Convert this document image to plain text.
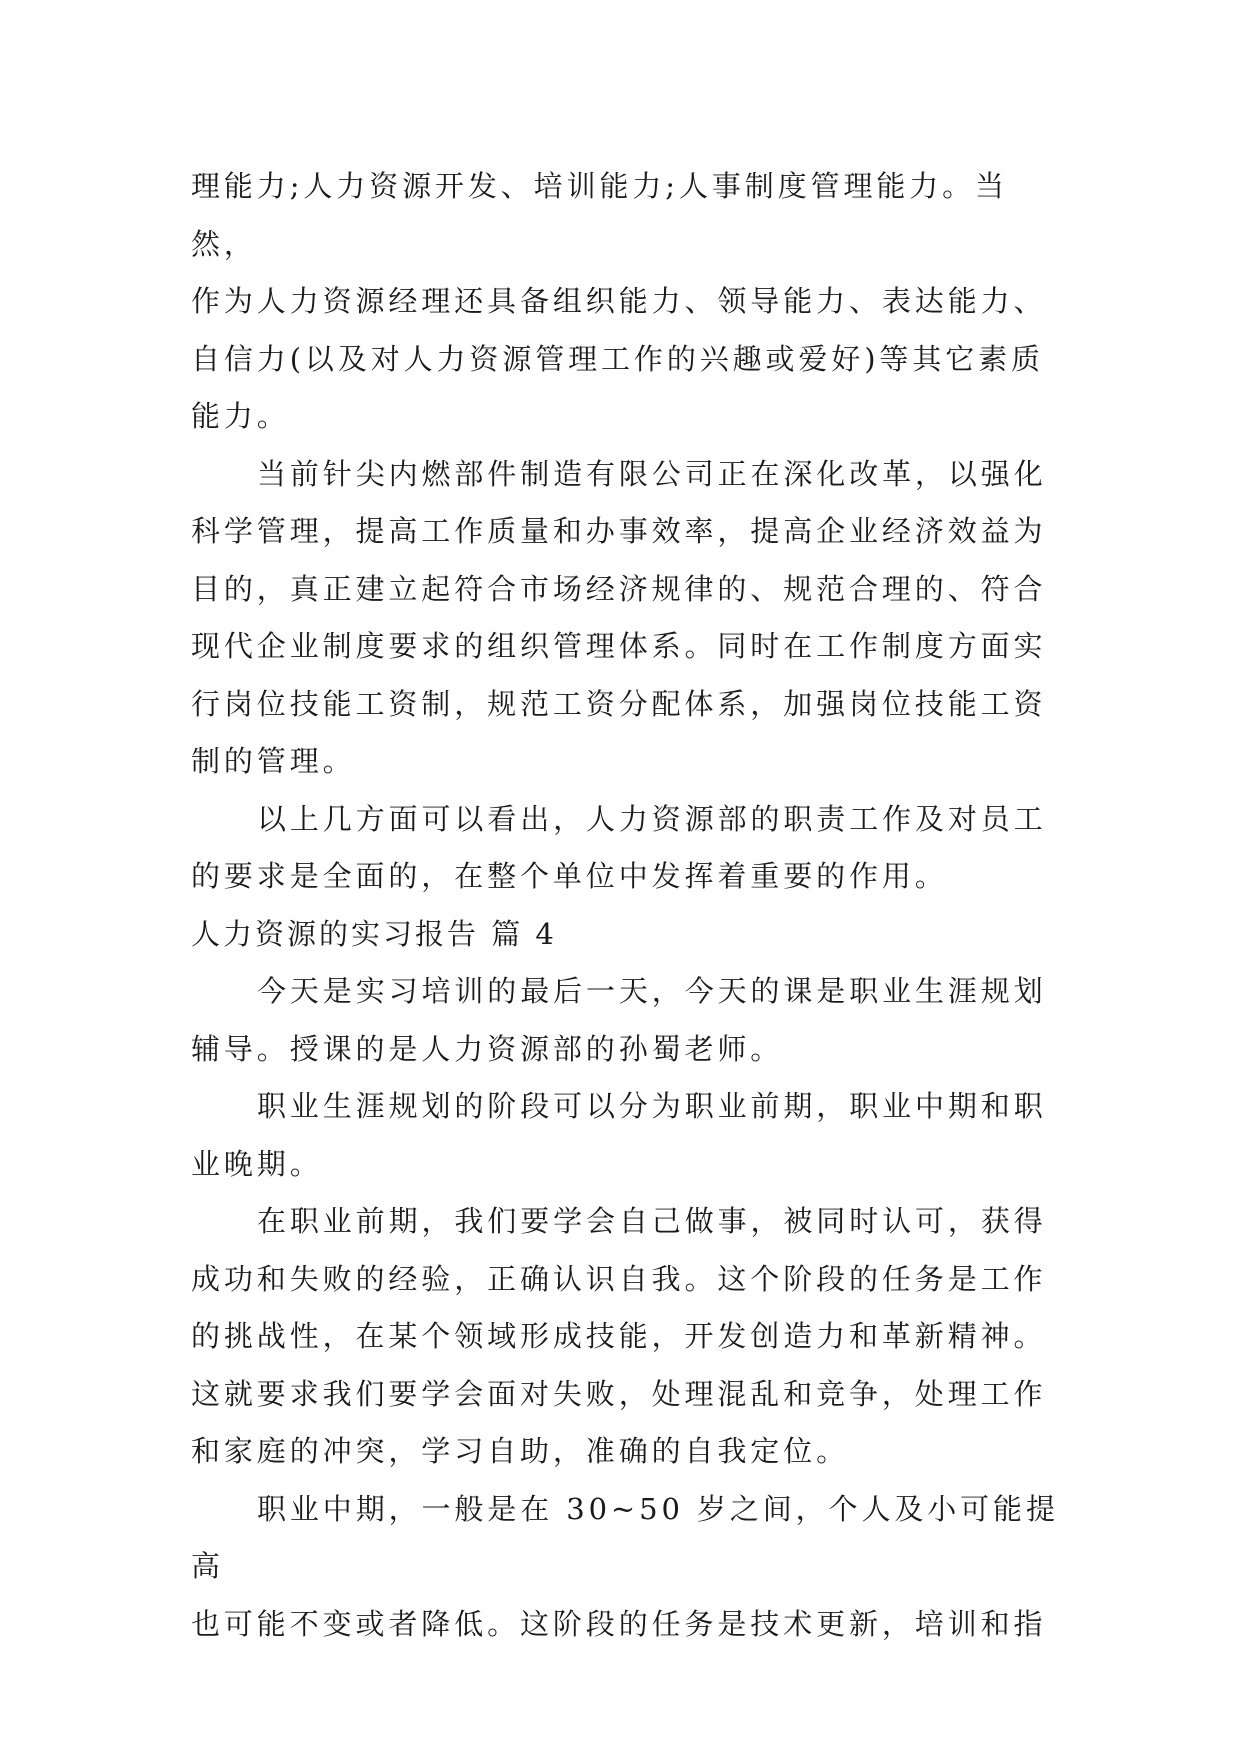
理能力;人力资源开发、培训能力;人事制度管理能力。当然，
作为人力资源经理还具备组织能力、领导能力、表达能力、
自信力(以及对人力资源管理工作的兴趣或爱好)等其它素质
能力。

当前针尖内燃部件制造有限公司正在深化改革，以强化
科学管理，提高工作质量和办事效率，提高企业经济效益为
目的，真正建立起符合市场经济规律的、规范合理的、符合
现代企业制度要求的组织管理体系。同时在工作制度方面实
行岗位技能工资制，规范工资分配体系，加强岗位技能工资
制的管理。

以上几方面可以看出，人力资源部的职责工作及对员工
的要求是全面的，在整个单位中发挥着重要的作用。

人力资源的实习报告 篇 4

今天是实习培训的最后一天，今天的课是职业生涯规划
辅导。授课的是人力资源部的孙蜀老师。

职业生涯规划的阶段可以分为职业前期，职业中期和职
业晚期。

在职业前期，我们要学会自己做事，被同时认可，获得
成功和失败的经验，正确认识自我。这个阶段的任务是工作
的挑战性，在某个领域形成技能，开发创造力和革新精神。
这就要求我们要学会面对失败，处理混乱和竞争，处理工作
和家庭的冲突，学习自助，准确的自我定位。

职业中期，一般是在 30~50 岁之间，个人及小可能提高
也可能不变或者降低。这阶段的任务是技术更新，培训和指
